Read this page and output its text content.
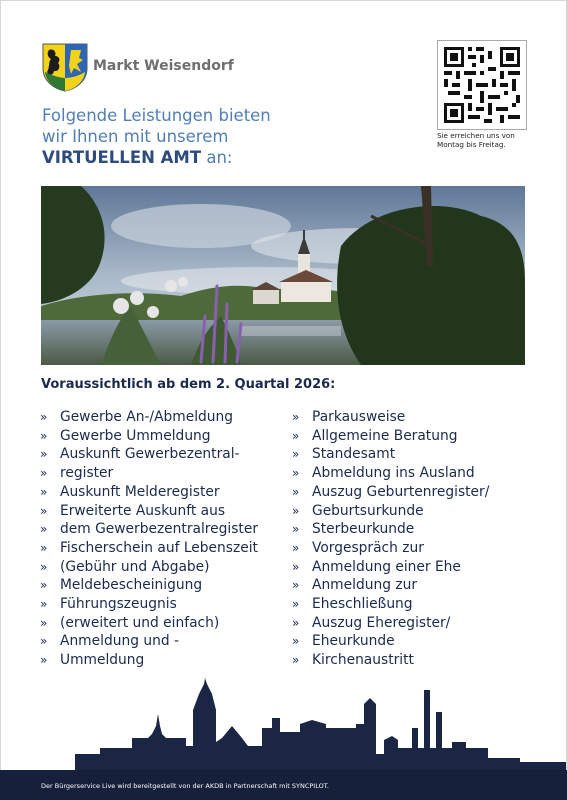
Markt Weisendorf
Folgende Leistungen bieten
wir Ihnen mit unserem
VIRTUELLEN AMT an:
Sie erreichen uns von Montag bis Freitag.
Voraussichtlich ab dem 2. Quartal 2026:
» Gewerbe An-/Abmeldung
» Gewerbe Ummeldung
» Auskunft Gewerbezentral-
» register
» Auskunft Melderegister
» Erweiterte Auskunft aus
» dem Gewerbezentralregister
» Fischerschein auf Lebenszeit
» (Gebühr und Abgabe)
» Meldebescheinigung
» Führungszeugnis
» (erweitert und einfach)
» Anmeldung und -
» Ummeldung
» Parkausweise
» Allgemeine Beratung
» Standesamt
» Abmeldung ins Ausland
» Auszug Geburtenregister/
» Geburtsurkunde
» Sterbeurkunde
» Vorgespräch zur
» Anmeldung einer Ehe
» Anmeldung zur
» Eheschließung
» Auszug Eheregister/
» Eheurkunde
» Kirchenaustritt
Der Bürgerservice Live wird bereitgestellt von der AKDB in Partnerschaft mit SYNCPILOT.
